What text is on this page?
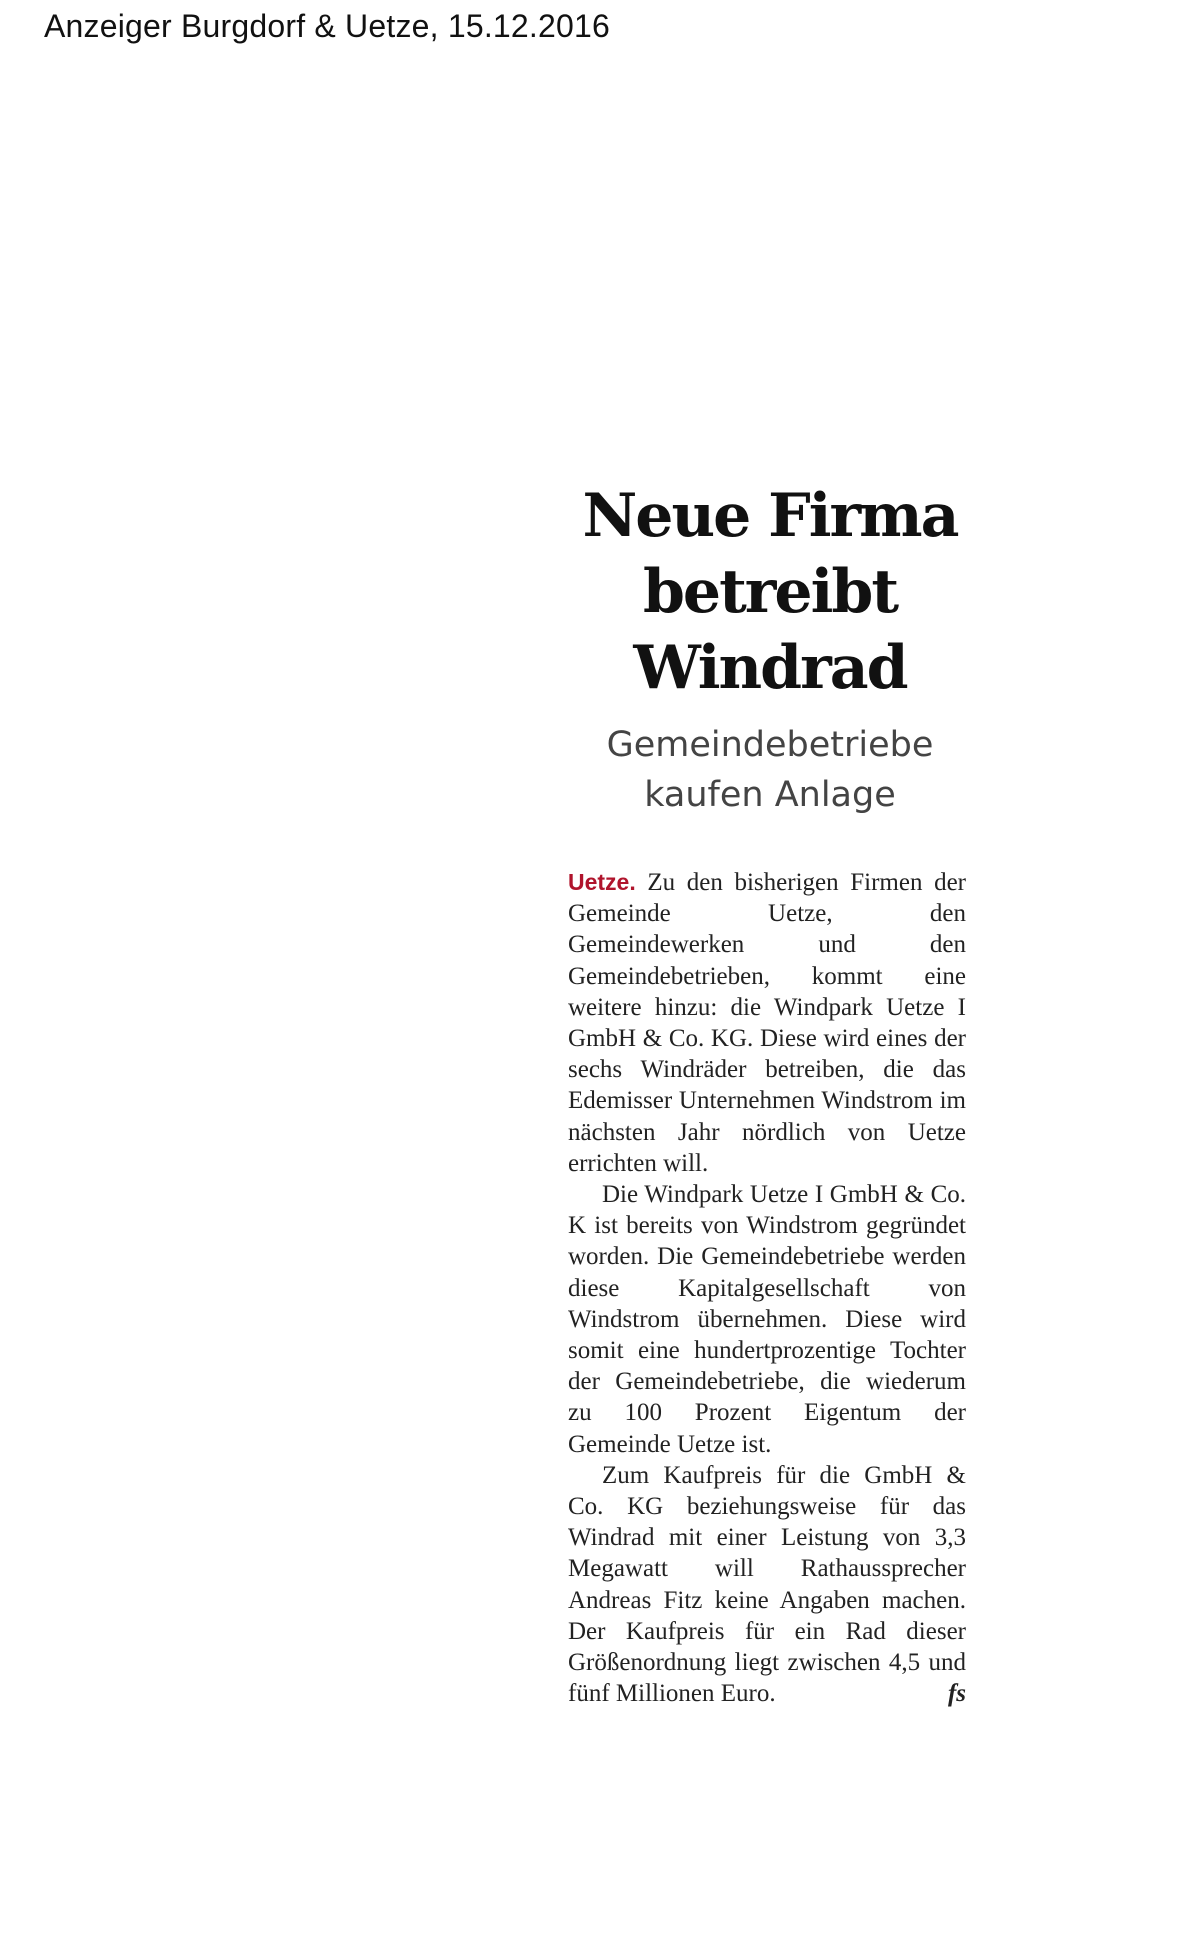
Anzeiger Burgdorf & Uetze, 15.12.2016
Neue Firma
betreibt
Windrad
Gemeindebetriebe
kaufen Anlage

Uetze. Zu den bisherigen Firmen der Gemeinde Uetze, den Gemeindewerken und den Gemeindebetrieben, kommt eine weitere hinzu: die Windpark Uetze I GmbH & Co. KG. Diese wird eines der sechs Windräder betreiben, die das Edemisser Unternehmen Windstrom im nächsten Jahr nördlich von Uetze errichten will.

Die Windpark Uetze I GmbH & Co. K ist bereits von Windstrom gegründet worden. Die Gemeindebetriebe werden diese Kapitalgesellschaft von Windstrom übernehmen. Diese wird somit eine hundertprozentige Tochter der Gemeindebetriebe, die wiederum zu 100 Prozent Eigentum der Gemeinde Uetze ist.

Zum Kaufpreis für die GmbH & Co. KG beziehungsweise für das Windrad mit einer Leistung von 3,3 Megawatt will Rathaussprecher Andreas Fitz keine Angaben machen. Der Kaufpreis für ein Rad dieser Größenordnung liegt zwischen 4,5 und fünf Millionen Euro.	fs
